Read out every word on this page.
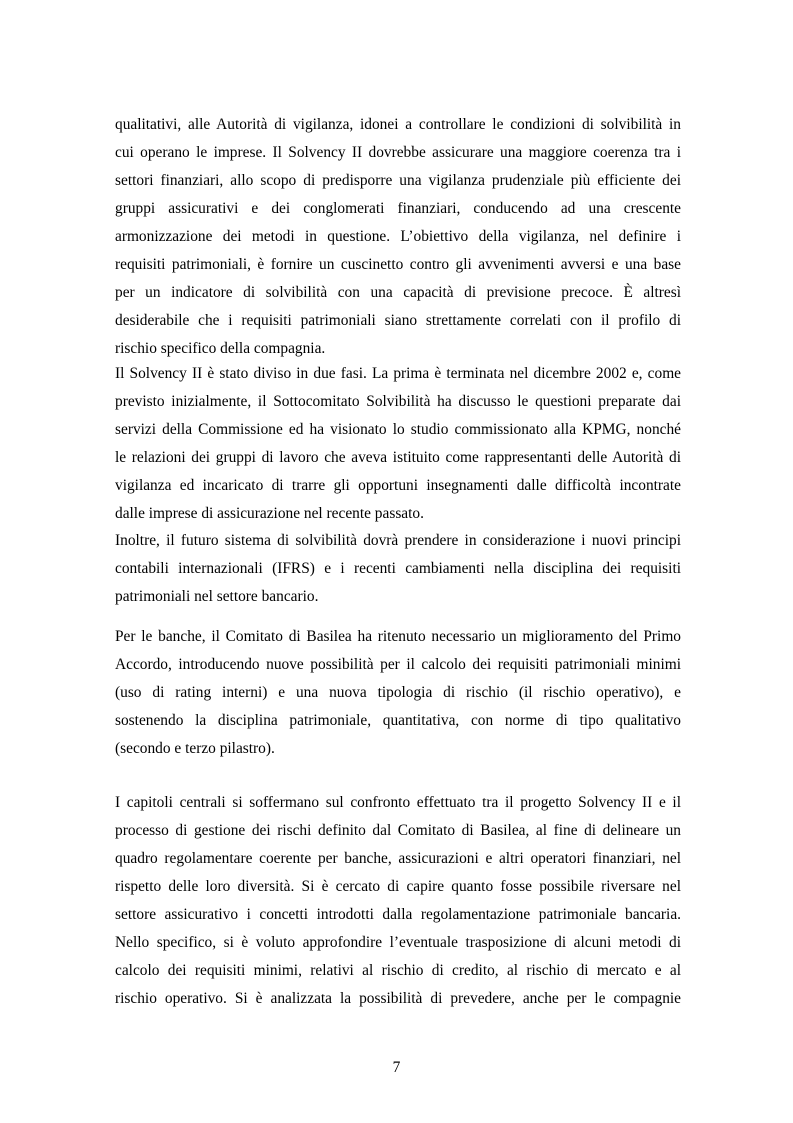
qualitativi, alle Autorità di vigilanza, idonei a controllare le condizioni di solvibilità in
cui operano le imprese. Il Solvency II dovrebbe assicurare una maggiore coerenza tra i
settori finanziari, allo scopo di predisporre una vigilanza prudenziale più efficiente dei
gruppi assicurativi e dei conglomerati finanziari, conducendo ad una crescente
armonizzazione dei metodi in questione. L’obiettivo della vigilanza, nel definire i
requisiti patrimoniali, è fornire un cuscinetto contro gli avvenimenti avversi e una base
per un indicatore di solvibilità con una capacità di previsione precoce. È altresì
desiderabile che i requisiti patrimoniali siano strettamente correlati con il profilo di
rischio specifico della compagnia.
Il Solvency II è stato diviso in due fasi. La prima è terminata nel dicembre 2002 e, come
previsto inizialmente, il Sottocomitato Solvibilità ha discusso le questioni preparate dai
servizi della Commissione ed ha visionato lo studio commissionato alla KPMG, nonché
le relazioni dei gruppi di lavoro che aveva istituito come rappresentanti delle Autorità di
vigilanza ed incaricato di trarre gli opportuni insegnamenti dalle difficoltà incontrate
dalle imprese di assicurazione nel recente passato.
Inoltre, il futuro sistema di solvibilità dovrà prendere in considerazione i nuovi principi
contabili internazionali (IFRS) e i recenti cambiamenti nella disciplina dei requisiti
patrimoniali nel settore bancario.
Per le banche, il Comitato di Basilea ha ritenuto necessario un miglioramento del Primo
Accordo, introducendo nuove possibilità per il calcolo dei requisiti patrimoniali minimi
(uso di rating interni) e una nuova tipologia di rischio (il rischio operativo), e
sostenendo la disciplina patrimoniale, quantitativa, con norme di tipo qualitativo
(secondo e terzo pilastro).
I capitoli centrali si soffermano sul confronto effettuato tra il progetto Solvency II e il
processo di gestione dei rischi definito dal Comitato di Basilea, al fine di delineare un
quadro regolamentare coerente per banche, assicurazioni e altri operatori finanziari, nel
rispetto delle loro diversità. Si è cercato di capire quanto fosse possibile riversare nel
settore assicurativo i concetti introdotti dalla regolamentazione patrimoniale bancaria.
Nello specifico, si è voluto approfondire l’eventuale trasposizione di alcuni metodi di
calcolo dei requisiti minimi, relativi al rischio di credito, al rischio di mercato e al
rischio operativo. Si è analizzata la possibilità di prevedere, anche per le compagnie
7
